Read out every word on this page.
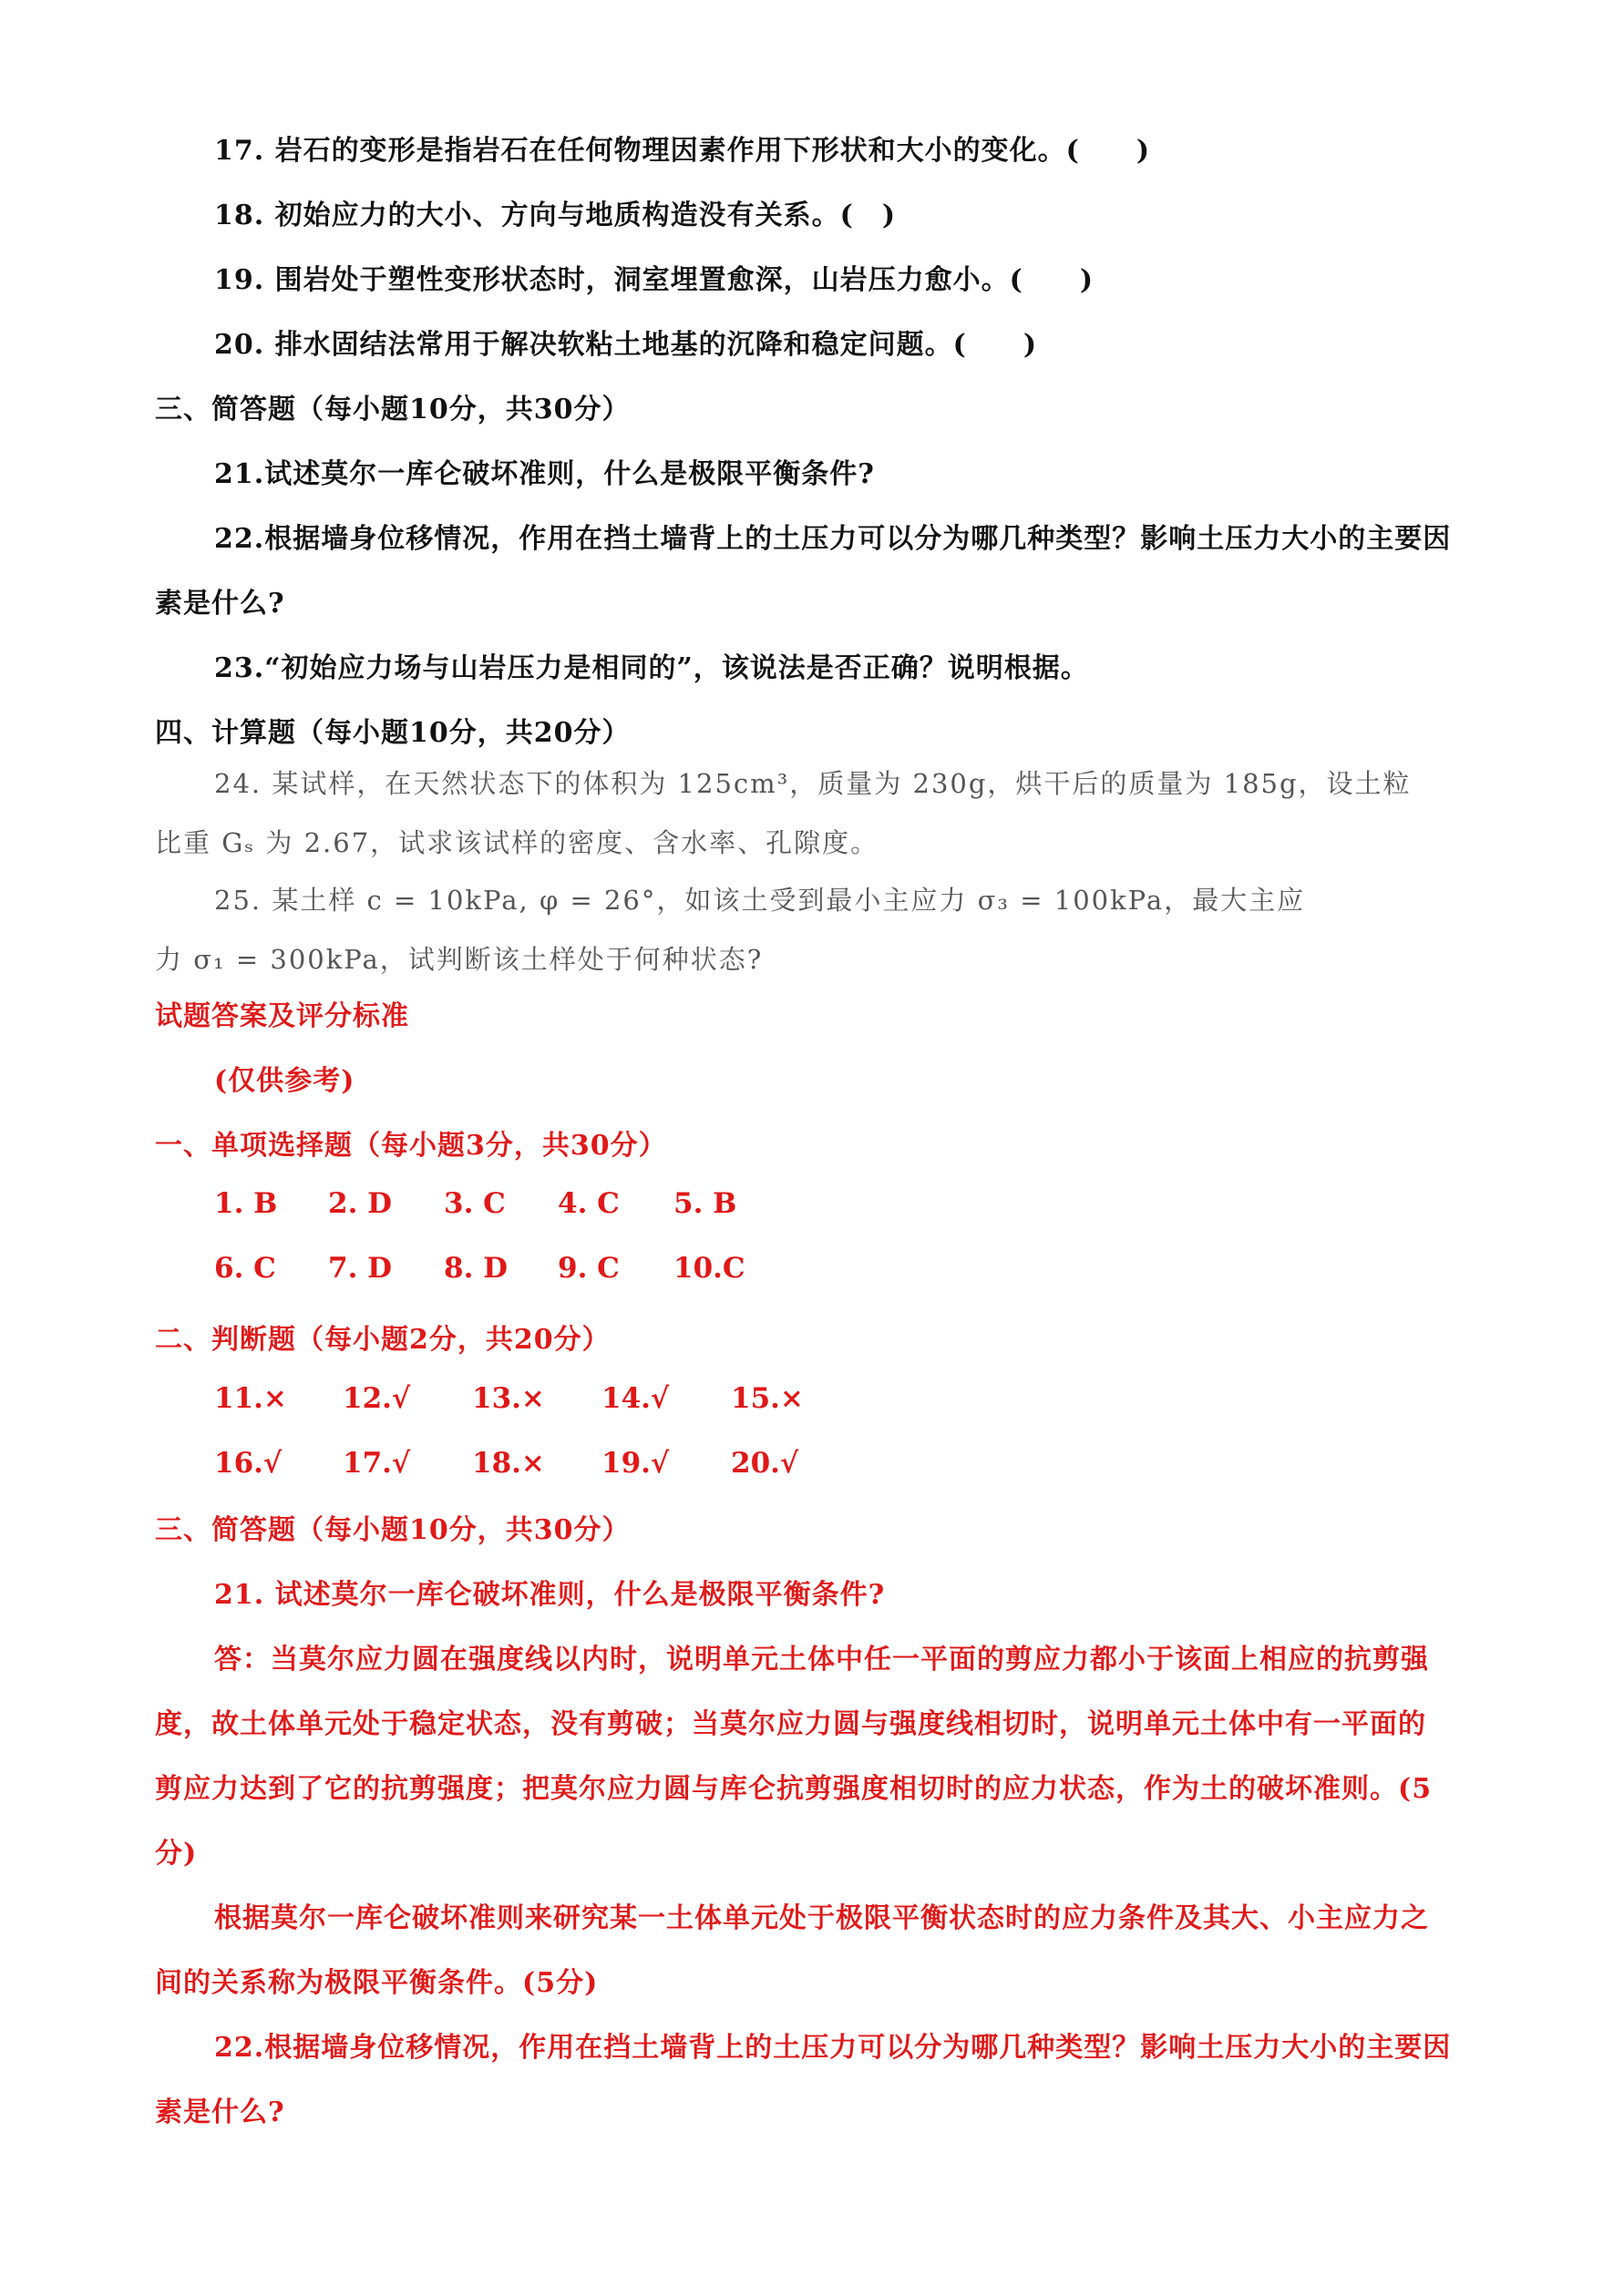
17. 岩石的变形是指岩石在任何物理因素作用下形状和大小的变化。(　　)
18. 初始应力的大小、方向与地质构造没有关系。(　)
19. 围岩处于塑性变形状态时，洞室埋置愈深，山岩压力愈小。(　　)
20. 排水固结法常用于解决软粘土地基的沉降和稳定问题。(　　)
三、简答题（每小题10分，共30分）
21.试述莫尔一库仑破坏准则，什么是极限平衡条件?
22.根据墙身位移情况，作用在挡土墙背上的土压力可以分为哪几种类型？影响土压力大小的主要因
素是什么?
23.“初始应力场与山岩压力是相同的”，该说法是否正确？说明根据。
四、计算题（每小题10分，共20分）
24. 某试样，在天然状态下的体积为 125cm³，质量为 230g，烘干后的质量为 185g，设土粒
比重 Gₛ 为 2.67，试求该试样的密度、含水率、孔隙度。
25. 某土样 c = 10kPa, φ = 26°，如该土受到最小主应力 σ₃ = 100kPa，最大主应
力 σ₁ = 300kPa，试判断该土样处于何种状态?
试题答案及评分标准
(仅供参考)
一、单项选择题（每小题3分，共30分）
1. B 2. D 3. C 4. C 5. B
6. C 7. D 8. D 9. C 10.C
二、判断题（每小题2分，共20分）
11.× 12.√ 13.× 14.√ 15.×
16.√ 17.√ 18.× 19.√ 20.√
三、简答题（每小题10分，共30分）
21. 试述莫尔一库仑破坏准则，什么是极限平衡条件?
答：当莫尔应力圆在强度线以内时，说明单元土体中任一平面的剪应力都小于该面上相应的抗剪强
度，故土体单元处于稳定状态，没有剪破；当莫尔应力圆与强度线相切时，说明单元土体中有一平面的
剪应力达到了它的抗剪强度；把莫尔应力圆与库仑抗剪强度相切时的应力状态，作为土的破坏准则。(5
分)
根据莫尔一库仑破坏准则来研究某一土体单元处于极限平衡状态时的应力条件及其大、小主应力之
间的关系称为极限平衡条件。(5分)
22.根据墙身位移情况，作用在挡土墙背上的土压力可以分为哪几种类型？影响土压力大小的主要因
素是什么?
